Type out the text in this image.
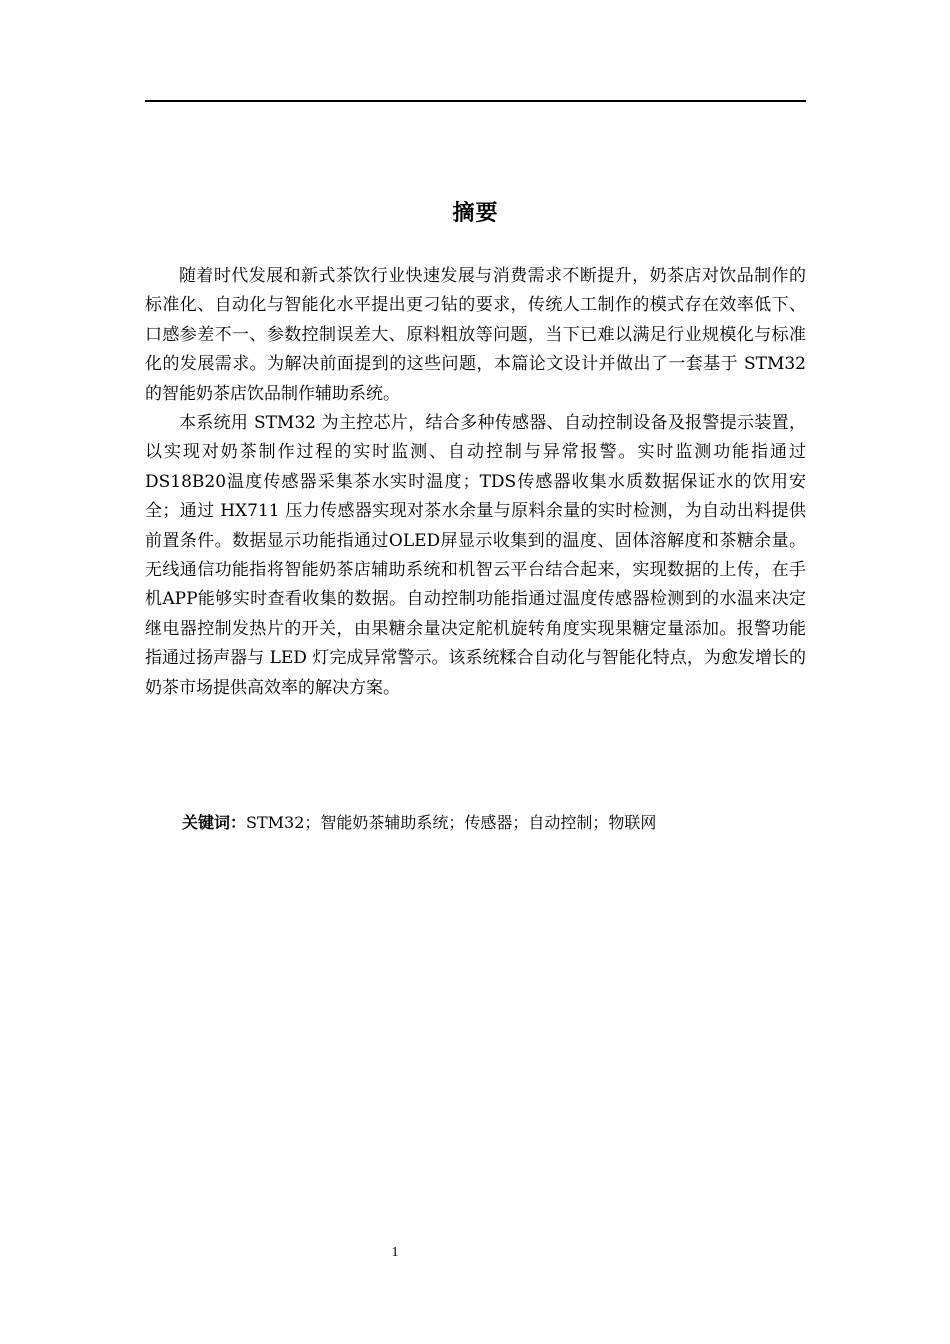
摘要

随着时代发展和新式茶饮行业快速发展与消费需求不断提升，奶茶店对饮品制作的标准化、自动化与智能化水平提出更刁钻的要求，传统人工制作的模式存在效率低下、口感参差不一、参数控制误差大、原料粗放等问题，当下已难以满足行业规模化与标准化的发展需求。为解决前面提到的这些问题，本篇论文设计并做出了一套基于 STM32 的智能奶茶店饮品制作辅助系统。

本系统用 STM32 为主控芯片，结合多种传感器、自动控制设备及报警提示装置，以实现对奶茶制作过程的实时监测、自动控制与异常报警。实时监测功能指通过DS18B20温度传感器采集茶水实时温度；TDS传感器收集水质数据保证水的饮用安全；通过 HX711 压力传感器实现对茶水余量与原料余量的实时检测，为自动出料提供前置条件。数据显示功能指通过OLED屏显示收集到的温度、固体溶解度和茶糖余量。无线通信功能指将智能奶茶店辅助系统和机智云平台结合起来，实现数据的上传，在手机APP能够实时查看收集的数据。自动控制功能指通过温度传感器检测到的水温来决定继电器控制发热片的开关，由果糖余量决定舵机旋转角度实现果糖定量添加。报警功能指通过扬声器与 LED 灯完成异常警示。该系统糅合自动化与智能化特点，为愈发增长的奶茶市场提供高效率的解决方案。

关键词：STM32；智能奶茶辅助系统；传感器；自动控制；物联网
1
